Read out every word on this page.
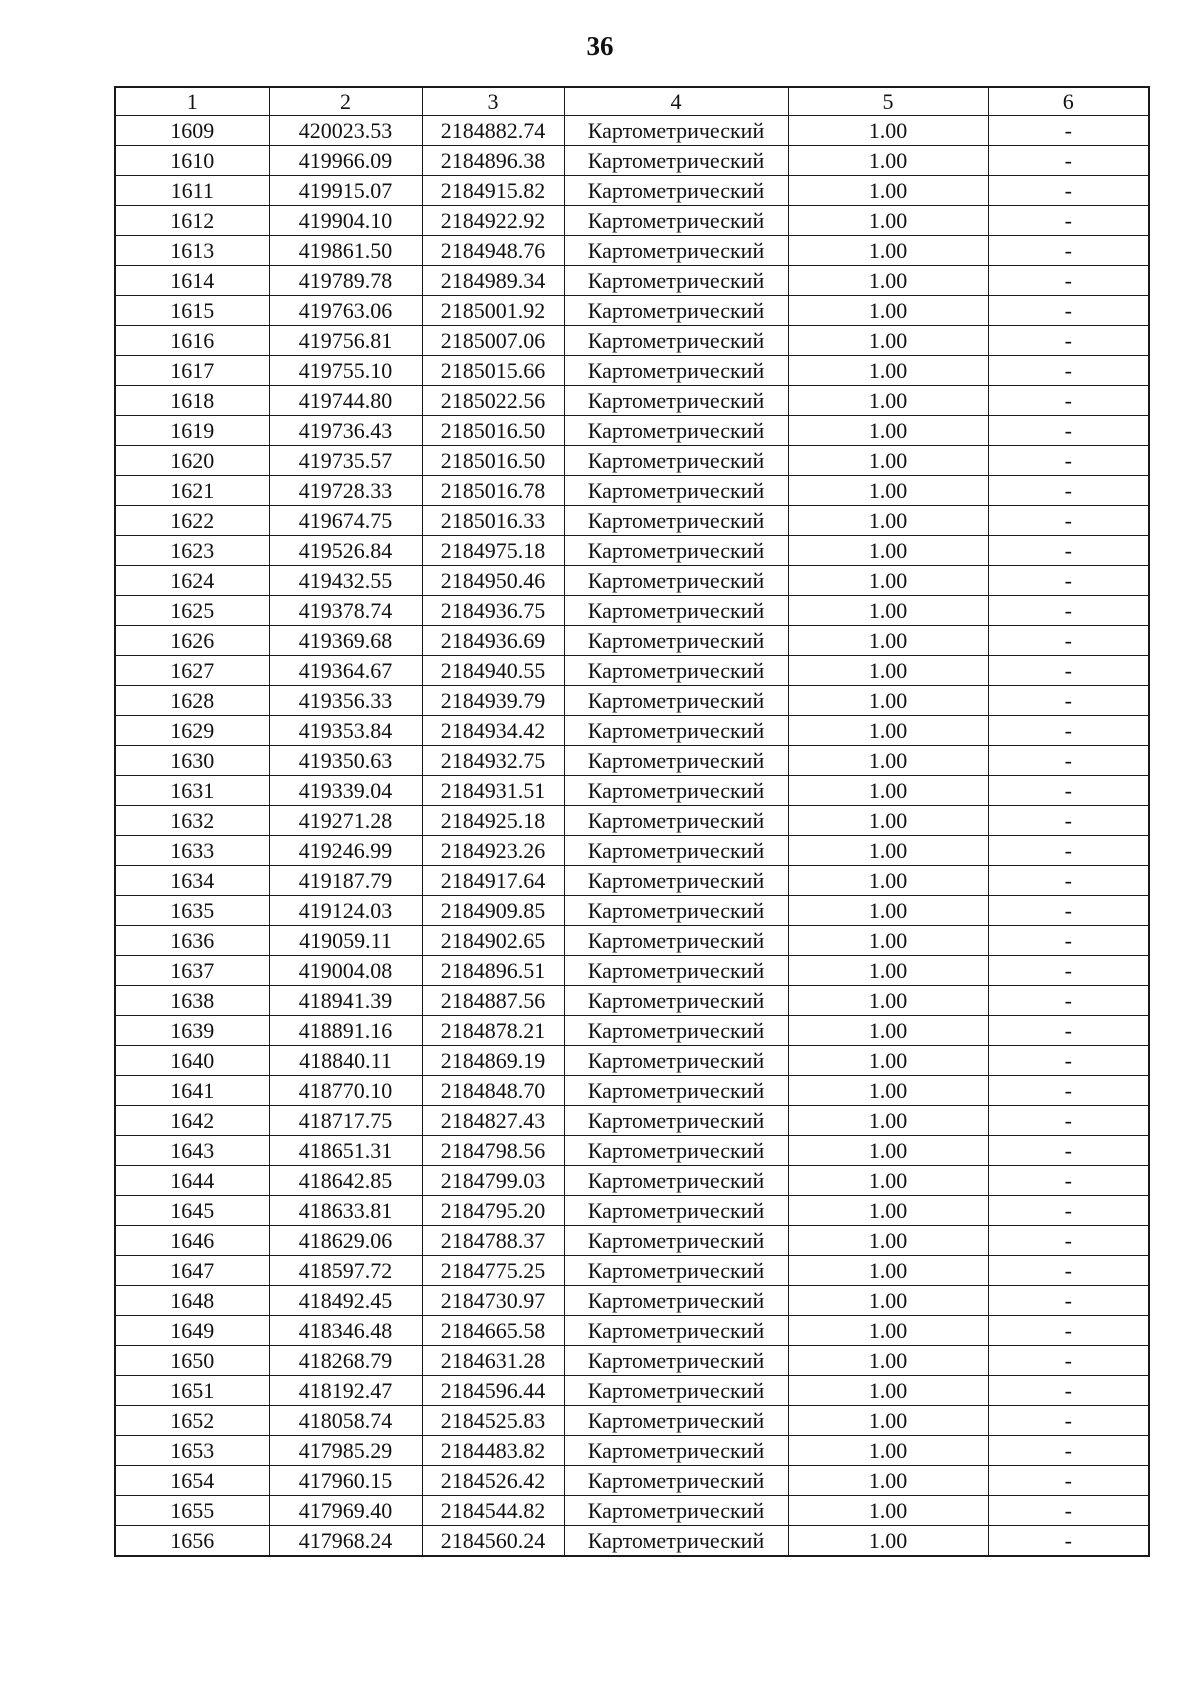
36
1	2	3	4	5	6
1609	420023.53	2184882.74	Картометрический	1.00	-
1610	419966.09	2184896.38	Картометрический	1.00	-
1611	419915.07	2184915.82	Картометрический	1.00	-
1612	419904.10	2184922.92	Картометрический	1.00	-
1613	419861.50	2184948.76	Картометрический	1.00	-
1614	419789.78	2184989.34	Картометрический	1.00	-
1615	419763.06	2185001.92	Картометрический	1.00	-
1616	419756.81	2185007.06	Картометрический	1.00	-
1617	419755.10	2185015.66	Картометрический	1.00	-
1618	419744.80	2185022.56	Картометрический	1.00	-
1619	419736.43	2185016.50	Картометрический	1.00	-
1620	419735.57	2185016.50	Картометрический	1.00	-
1621	419728.33	2185016.78	Картометрический	1.00	-
1622	419674.75	2185016.33	Картометрический	1.00	-
1623	419526.84	2184975.18	Картометрический	1.00	-
1624	419432.55	2184950.46	Картометрический	1.00	-
1625	419378.74	2184936.75	Картометрический	1.00	-
1626	419369.68	2184936.69	Картометрический	1.00	-
1627	419364.67	2184940.55	Картометрический	1.00	-
1628	419356.33	2184939.79	Картометрический	1.00	-
1629	419353.84	2184934.42	Картометрический	1.00	-
1630	419350.63	2184932.75	Картометрический	1.00	-
1631	419339.04	2184931.51	Картометрический	1.00	-
1632	419271.28	2184925.18	Картометрический	1.00	-
1633	419246.99	2184923.26	Картометрический	1.00	-
1634	419187.79	2184917.64	Картометрический	1.00	-
1635	419124.03	2184909.85	Картометрический	1.00	-
1636	419059.11	2184902.65	Картометрический	1.00	-
1637	419004.08	2184896.51	Картометрический	1.00	-
1638	418941.39	2184887.56	Картометрический	1.00	-
1639	418891.16	2184878.21	Картометрический	1.00	-
1640	418840.11	2184869.19	Картометрический	1.00	-
1641	418770.10	2184848.70	Картометрический	1.00	-
1642	418717.75	2184827.43	Картометрический	1.00	-
1643	418651.31	2184798.56	Картометрический	1.00	-
1644	418642.85	2184799.03	Картометрический	1.00	-
1645	418633.81	2184795.20	Картометрический	1.00	-
1646	418629.06	2184788.37	Картометрический	1.00	-
1647	418597.72	2184775.25	Картометрический	1.00	-
1648	418492.45	2184730.97	Картометрический	1.00	-
1649	418346.48	2184665.58	Картометрический	1.00	-
1650	418268.79	2184631.28	Картометрический	1.00	-
1651	418192.47	2184596.44	Картометрический	1.00	-
1652	418058.74	2184525.83	Картометрический	1.00	-
1653	417985.29	2184483.82	Картометрический	1.00	-
1654	417960.15	2184526.42	Картометрический	1.00	-
1655	417969.40	2184544.82	Картометрический	1.00	-
1656	417968.24	2184560.24	Картометрический	1.00	-
